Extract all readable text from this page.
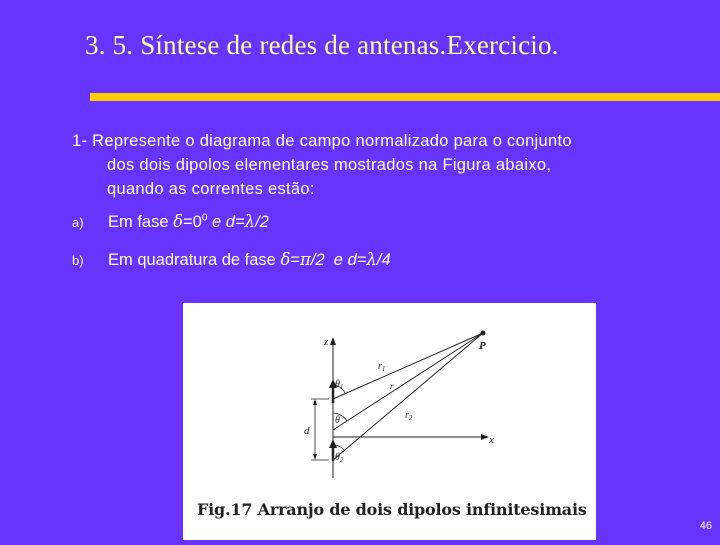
3. 5. Síntese de redes de antenas.Exercicio.
1- Represente o diagrama de campo normalizado para o conjunto
dos dois dipolos elementares mostrados na Figura abaixo,
quando as correntes estão:
a) Em fase $\delta=0^0$ e d=λ/2
b) Em quadratura de fase δ=π/2  e d=λ/4
z
x
P
$r_1$
r
$r_2$
$\theta_1$
θ
$\theta_2$
d
Fig.17 Arranjo de dois dipolos infinitesimais
46
